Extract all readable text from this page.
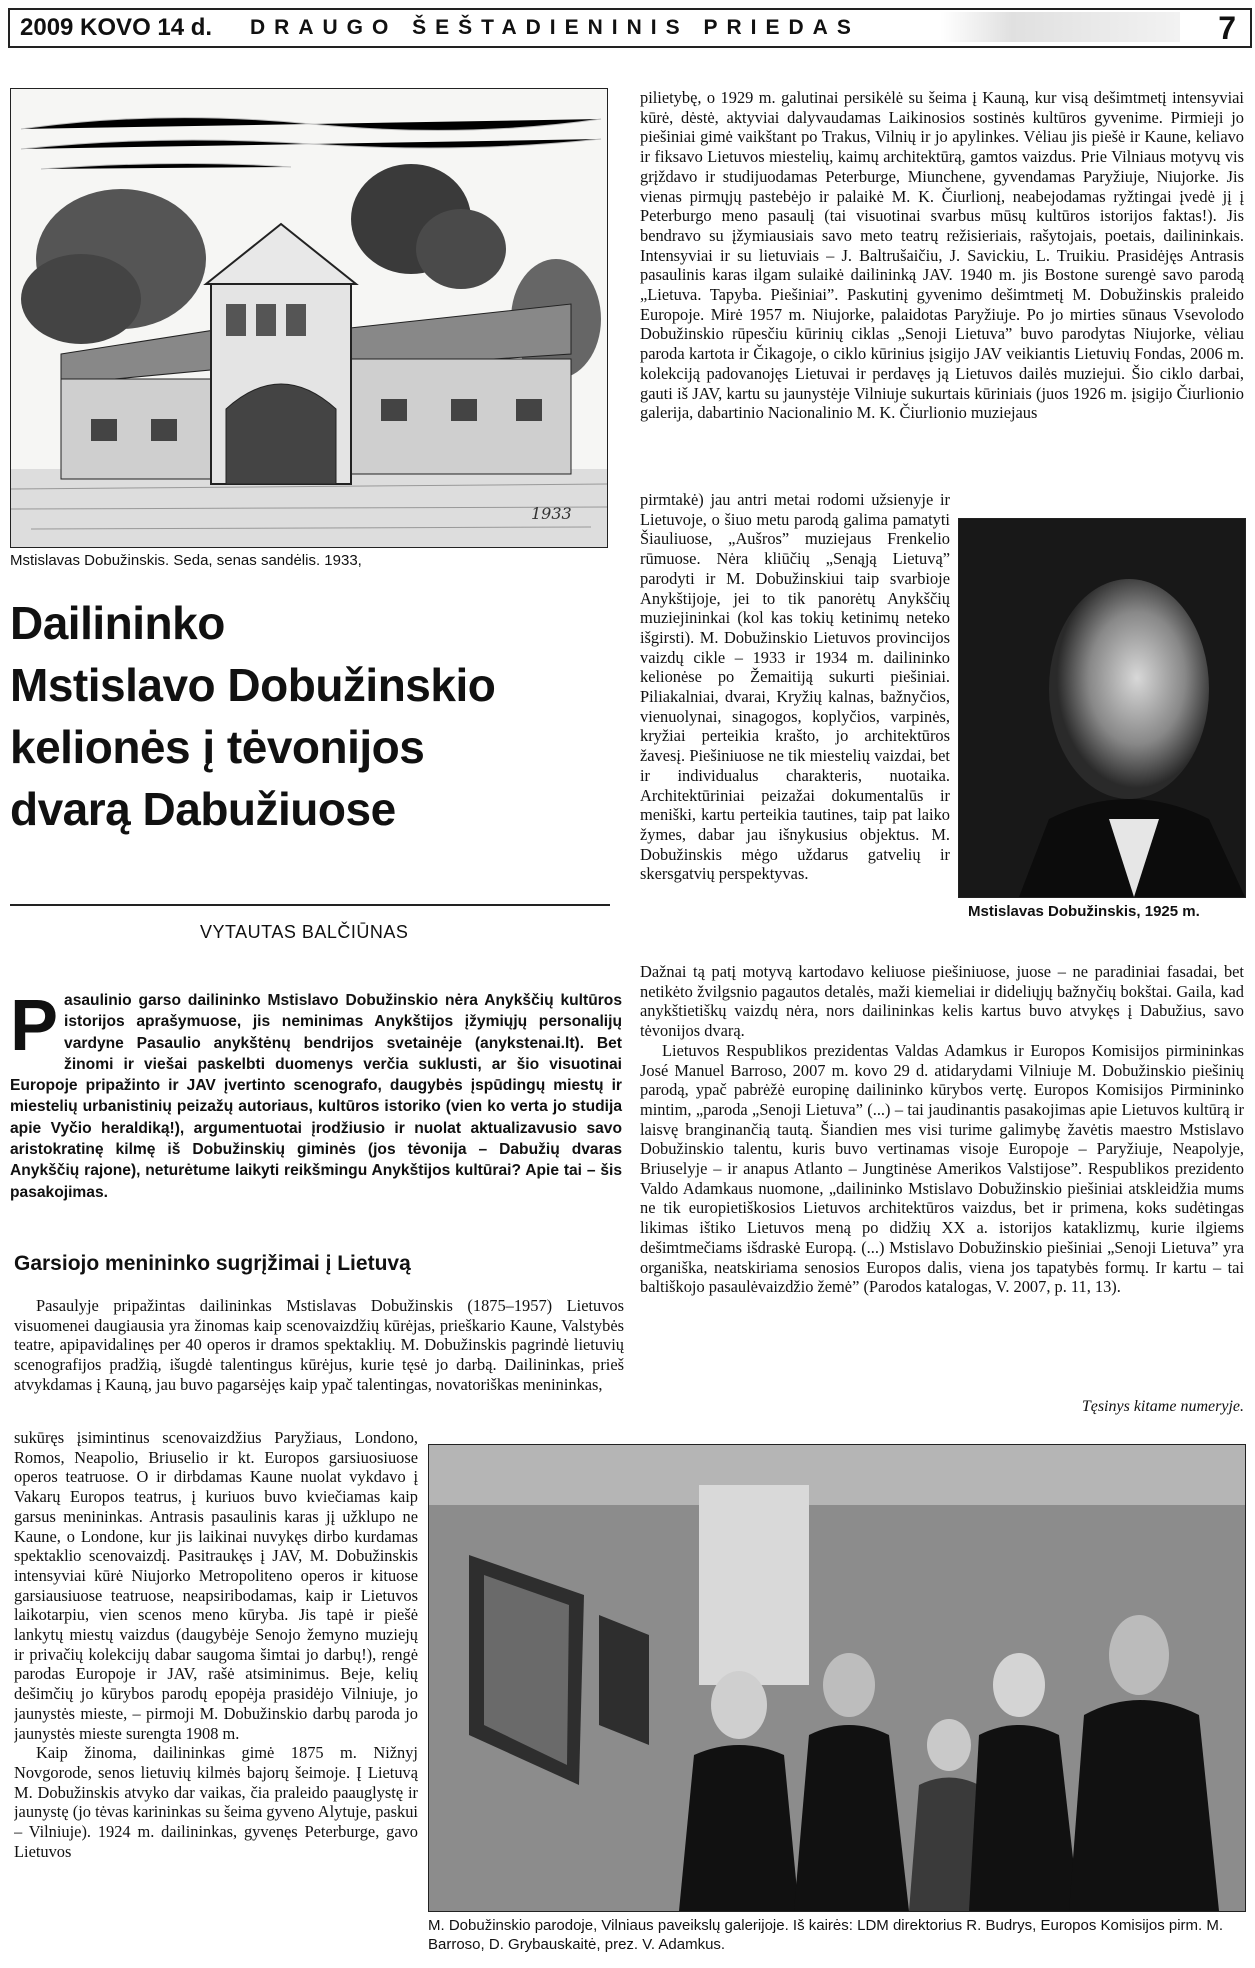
2009 KOVO 14 d. DRAUGO ŠEŠTADIENINIS PRIEDAS	7
1933
Mstislavas Dobužinskis. Seda, senas sandėlis. 1933,
Dailininko
Mstislavo Dobužinskio
kelionės į tėvonijos
dvarą Dabužiuose
VYTAUTAS BALČIŪNAS
P asaulinio garso dailininko Mstislavo Dobužinskio nėra Anykščių kultūros istorijos aprašymuose, jis neminimas Anykštijos įžymiųjų personalijų vardyne Pasaulio anykštėnų bendrijos svetainėje (anykstenai.lt). Bet žinomi ir viešai paskelbti duomenys verčia suklusti, ar šio visuotinai Europoje pripažinto ir JAV įvertinto scenografo, daugybės įspūdingų miestų ir miestelių urbanistinių peizažų autoriaus, kultūros istoriko (vien ko verta jo studija apie Vyčio heraldiką!), argumentuotai įrodžiusio ir nuolat aktualizavusio savo aristokratinę kilmę iš Dobužinskių giminės (jos tėvonija – Dabužių dvaras Anykščių rajone), neturėtume laikyti reikšmingu Anykštijos kultūrai? Apie tai – šis pasakojimas.
Garsiojo menininko sugrįžimai į Lietuvą

Pasaulyje pripažintas dailininkas Mstislavas Dobužinskis (1875–1957) Lietuvos visuomenei daugiausia yra žinomas kaip scenovaizdžių kūrėjas, prieškario Kaune, Valstybės teatre, apipavidalinęs per 40 operos ir dramos spektaklių. M. Dobužinskis pagrindė lietuvių scenografijos pradžią, išugdė talentingus kūrėjus, kurie tęsė jo darbą. Dailininkas, prieš atvykdamas į Kauną, jau buvo pagarsėjęs kaip ypač talentingas, novatoriškas menininkas,

sukūręs įsimintinus scenovaizdžius Paryžiaus, Londono, Romos, Neapolio, Briuselio ir kt. Europos garsiuosiuose operos teatruose. O ir dirbdamas Kaune nuolat vykdavo į Vakarų Europos teatrus, į kuriuos buvo kviečiamas kaip garsus menininkas. Antrasis pasaulinis karas jį užklupo ne Kaune, o Londone, kur jis laikinai nuvykęs dirbo kurdamas spektaklio scenovaizdį. Pasitraukęs į JAV, M. Dobužinskis intensyviai kūrė Niujorko Metropoliteno operos ir kituose garsiausiuose teatruose, neapsiribodamas, kaip ir Lietuvos laikotarpiu, vien scenos meno kūryba. Jis tapė ir piešė lankytų miestų vaizdus (daugybėje Senojo žemyno muziejų ir privačių kolekcijų dabar saugoma šimtai jo darbų!), rengė parodas Europoje ir JAV, rašė atsiminimus. Beje, kelių dešimčių jo kūrybos parodų epopėja prasidėjo Vilniuje, jo jaunystės mieste, – pirmoji M. Dobužinskio darbų paroda jo jaunystės mieste surengta 1908 m.

Kaip žinoma, dailininkas gimė 1875 m. Nižnyj Novgorode, senos lietuvių kilmės bajorų šeimoje. Į Lietuvą M. Dobužinskis atvyko dar vaikas, čia praleido paauglystę ir jaunystę (jo tėvas karininkas su šeima gyveno Alytuje, paskui – Vilniuje). 1924 m. dailininkas, gyvenęs Peterburge, gavo Lietuvos

pilietybę, o 1929 m. galutinai persikėlė su šeima į Kauną, kur visą dešimtmetį intensyviai kūrė, dėstė, aktyviai dalyvaudamas Laikinosios sostinės kultūros gyvenime. Pirmieji jo piešiniai gimė vaikštant po Trakus, Vilnių ir jo apylinkes. Vėliau jis piešė ir Kaune, keliavo ir fiksavo Lietuvos miestelių, kaimų architektūrą, gamtos vaizdus. Prie Vilniaus motyvų vis grįždavo ir studijuodamas Peterburge, Miunchene, gyvendamas Paryžiuje, Niujorke. Jis vienas pirmųjų pastebėjo ir palaikė M. K. Čiurlionį, neabejodamas ryžtingai įvedė jį į Peterburgo meno pasaulį (tai visuotinai svarbus mūsų kultūros istorijos faktas!). Jis bendravo su įžymiausiais savo meto teatrų režisieriais, rašytojais, poetais, dailininkais. Intensyviai ir su lietuviais – J. Baltrušaičiu, J. Savickiu, L. Truikiu. Prasidėjęs Antrasis pasaulinis karas ilgam sulaikė dailininką JAV. 1940 m. jis Bostone surengė savo parodą „Lietuva. Tapyba. Piešiniai”. Paskutinį gyvenimo dešimtmetį M. Dobužinskis praleido Europoje. Mirė 1957 m. Niujorke, palaidotas Paryžiuje. Po jo mirties sūnaus Vsevolodo Dobužinskio rūpesčiu kūrinių ciklas „Senoji Lietuva” buvo parodytas Niujorke, vėliau paroda kartota ir Čikagoje, o ciklo kūrinius įsigijo JAV veikiantis Lietuvių Fondas, 2006 m. kolekciją padovanojęs Lietuvai ir perdavęs ją Lietuvos dailės muziejui. Šio ciklo darbai, gauti iš JAV, kartu su jaunystėje Vilniuje sukurtais kūriniais (juos 1926 m. įsigijo Čiurlionio galerija, dabartinio Nacionalinio M. K. Čiurlionio muziejaus

pirmtakė) jau antri metai rodomi užsienyje ir Lietuvoje, o šiuo metu parodą galima pamatyti Šiauliuose, „Aušros” muziejaus Frenkelio rūmuose. Nėra kliūčių „Senąją Lietuvą” parodyti ir M. Dobužinskiui taip svarbioje Anykštijoje, jei to tik panorėtų Anykščių muziejininkai (kol kas tokių ketinimų neteko išgirsti). M. Dobužinskio Lietuvos provincijos vaizdų cikle – 1933 ir 1934 m. dailininko kelionėse po Žemaitiją sukurti piešiniai. Piliakalniai, dvarai, Kryžių kalnas, bažnyčios, vienuolynai, sinagogos, koplyčios, varpinės, kryžiai perteikia krašto, jo architektūros žavesį. Piešiniuose ne tik miestelių vaizdai, bet ir individualus charakteris, nuotaika. Architektūriniai peizažai dokumentalūs ir meniški, kartu perteikia tautines, taip pat laiko žymes, dabar jau išnykusius objektus. M. Dobužinskis mėgo uždarus gatvelių ir skersgatvių perspektyvas.

Mstislavas Dobužinskis, 1925 m.

Dažnai tą patį motyvą kartodavo keliuose piešiniuose, juose – ne paradiniai fasadai, bet netikėto žvilgsnio pagautos detalės, maži kiemeliai ir dideliųjų bažnyčių bokštai. Gaila, kad anykštietiškų vaizdų nėra, nors dailininkas kelis kartus buvo atvykęs į Dabužius, savo tėvonijos dvarą.

Lietuvos Respublikos prezidentas Valdas Adamkus ir Europos Komisijos pirmininkas José Manuel Barroso, 2007 m. kovo 29 d. atidarydami Vilniuje M. Dobužinskio piešinių parodą, ypač pabrėžė europinę dailininko kūrybos vertę. Europos Komisijos Pirmininko mintim, „paroda „Senoji Lietuva” (...) – tai jaudinantis pasakojimas apie Lietuvos kultūrą ir laisvę branginančią tautą. Šiandien mes visi turime galimybę žavėtis maestro Mstislavo Dobužinskio talentu, kuris buvo vertinamas visoje Europoje – Paryžiuje, Neapolyje, Briuselyje – ir anapus Atlanto – Jungtinėse Amerikos Valstijose”. Respublikos prezidento Valdo Adamkaus nuomone, „dailininko Mstislavo Dobužinskio piešiniai atskleidžia mums ne tik europietiškosios Lietuvos architektūros vaizdus, bet ir primena, koks sudėtingas likimas ištiko Lietuvos meną po didžių XX a. istorijos kataklizmų, kurie ilgiems dešimtmečiams išdraskė Europą. (...) Mstislavo Dobužinskio piešiniai „Senoji Lietuva” yra organiška, neatskiriama senosios Europos dalis, viena jos tapatybės formų. Ir kartu – tai baltiškojo pasaulėvaizdžio žemė” (Parodos katalogas, V. 2007, p. 11, 13).

Tęsinys kitame numeryje.
M. Dobužinskio parodoje, Vilniaus paveikslų galerijoje. Iš kairės: LDM direktorius R. Budrys, Europos Komisijos pirm. M. Barroso, D. Grybauskaitė, prez. V. Adamkus.
